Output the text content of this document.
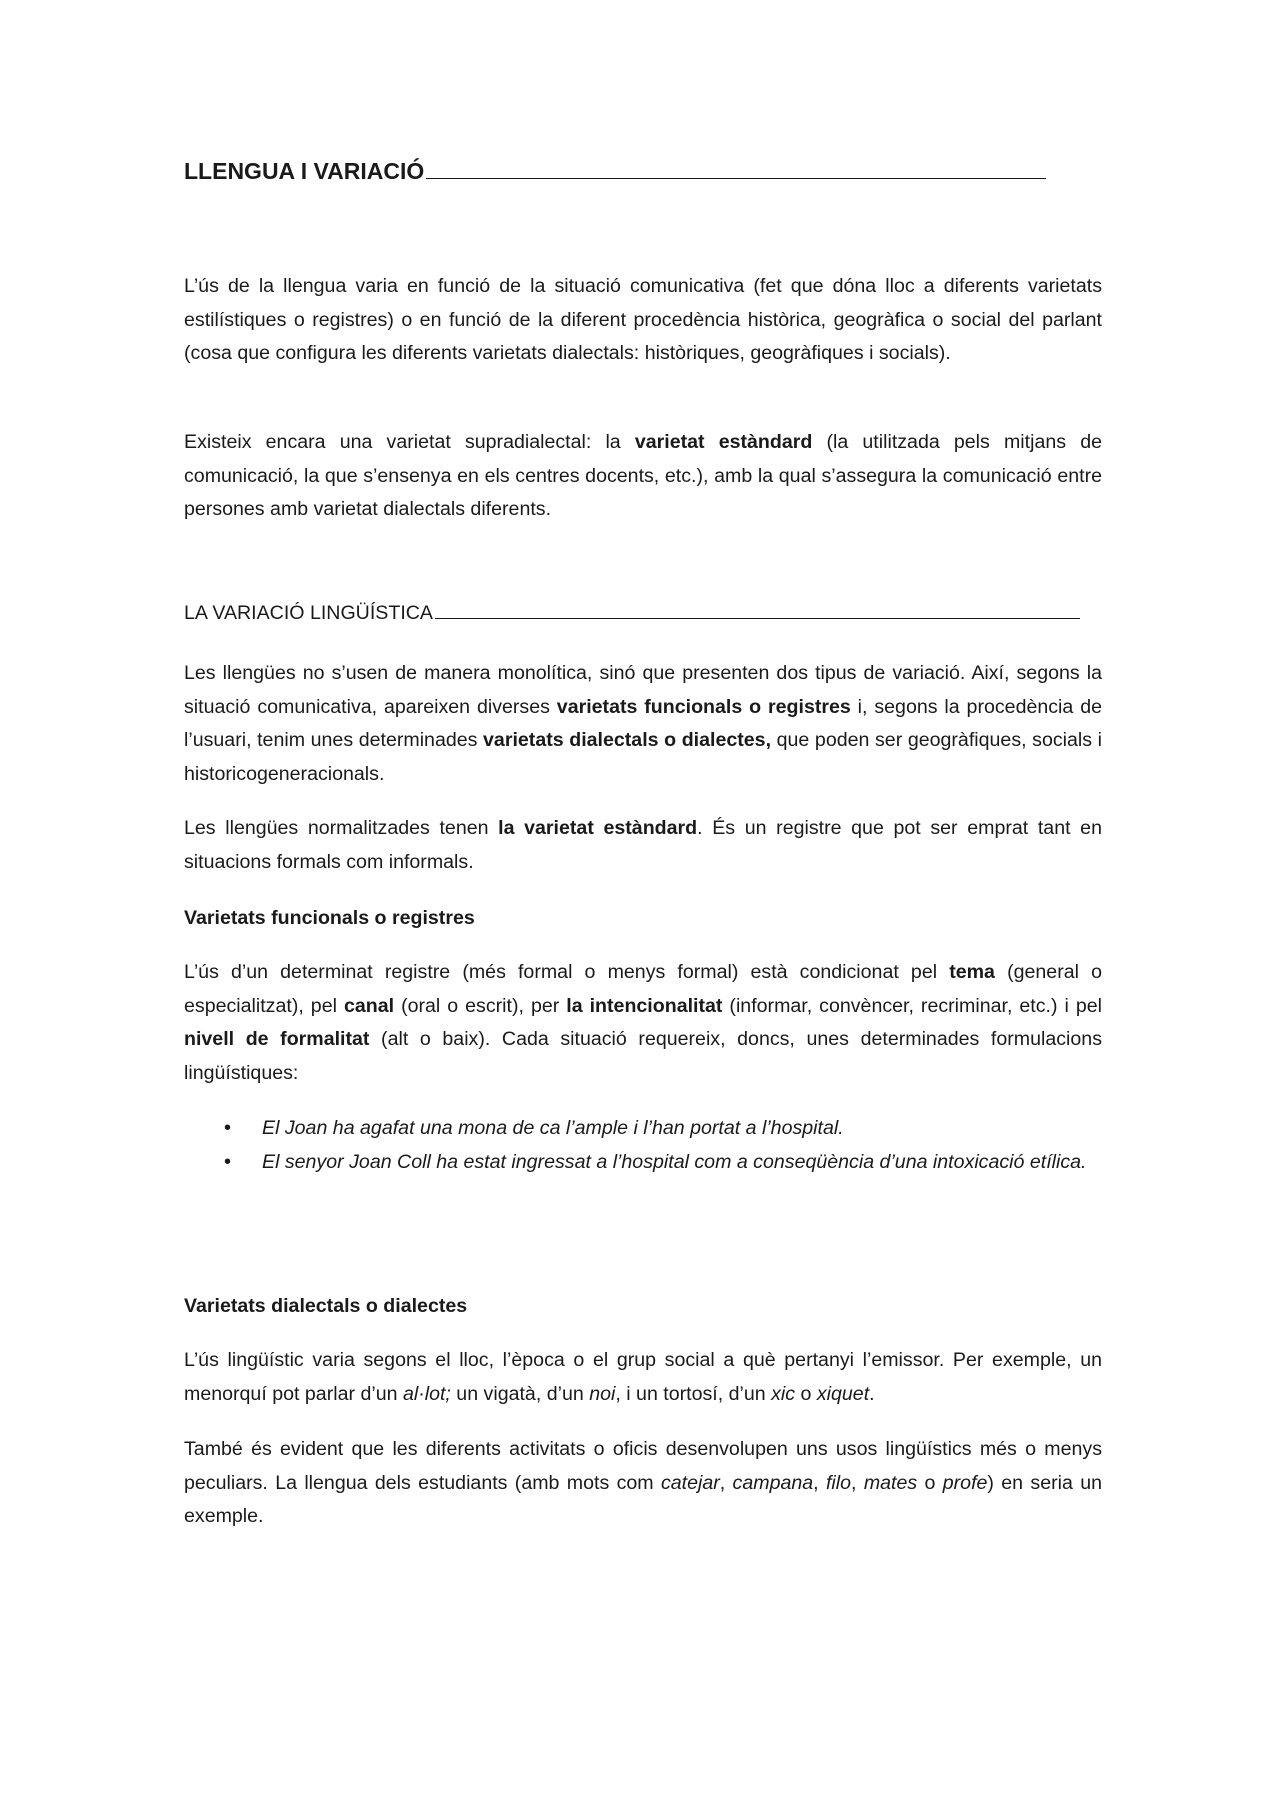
LLENGUA I VARIACIÓ

L’ús de la llengua varia en funció de la situació comunicativa (fet que dóna lloc a diferents varietats estilístiques o registres) o en funció de la diferent procedència històrica, geogràfica o social del parlant (cosa que configura les diferents varietats dialectals: històriques, geogràfiques i socials).

Existeix encara una varietat supradialectal: la varietat estàndard (la utilitzada pels mitjans de comunicació, la que s’ensenya en els centres docents, etc.), amb la qual s’assegura la comunicació entre persones amb varietat dialectals diferents.

LA VARIACIÓ LINGÜÍSTICA

Les llengües no s’usen de manera monolítica, sinó que presenten dos tipus de variació. Així, segons la situació comunicativa, apareixen diverses varietats funcionals o registres i, segons la procedència de l’usuari, tenim unes determinades varietats dialectals o dialectes, que poden ser geogràfiques, socials i historicogeneracionals.

Les llengües normalitzades tenen la varietat estàndard. És un registre que pot ser emprat tant en situacions formals com informals.

Varietats funcionals o registres

L’ús d’un determinat registre (més formal o menys formal) està condicionat pel tema (general o especialitzat), pel canal (oral o escrit), per la intencionalitat (informar, convèncer, recriminar, etc.) i pel nivell de formalitat (alt o baix). Cada situació requereix, doncs, unes determinades formulacions lingüístiques:

• El Joan ha agafat una mona de ca l’ample i l’han portat a l’hospital.
• El senyor Joan Coll ha estat ingressat a l’hospital com a conseqüència d’una intoxicació etílica.

Varietats dialectals o dialectes

L’ús lingüístic varia segons el lloc, l’època o el grup social a què pertanyi l’emissor. Per exemple, un menorquí pot parlar d’un al·lot; un vigatà, d’un noi, i un tortosí, d’un xic o xiquet.

També és evident que les diferents activitats o oficis desenvolupen uns usos lingüístics més o menys peculiars. La llengua dels estudiants (amb mots com catejar, campana, filo, mates o profe) en seria un exemple.
